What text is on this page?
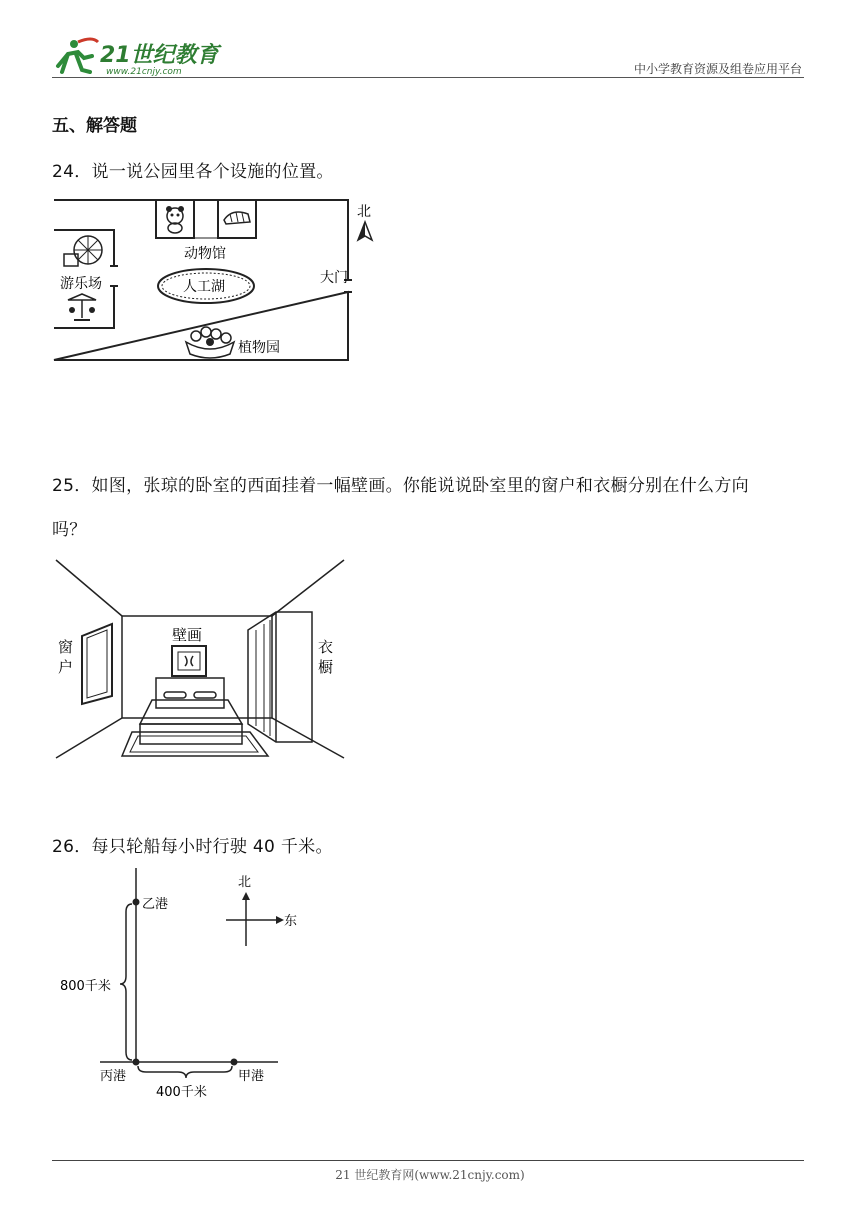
21世纪教育
www.21cnjy.com	中小学教育资源及组卷应用平台
五、解答题
24．说一说公园里各个设施的位置。
动物馆
人工湖
游乐场	大门
北
植物园
25．如图，张琼的卧室的西面挂着一幅壁画。你能说说卧室里的窗户和衣橱分别在什么方向
吗？
窗
户
壁画
衣
橱
26．每只轮船每小时行驶 40 千米。
乙港
丙港	甲港
800千米
400千米
北
东
21 世纪教育网(www.21cnjy.com)
